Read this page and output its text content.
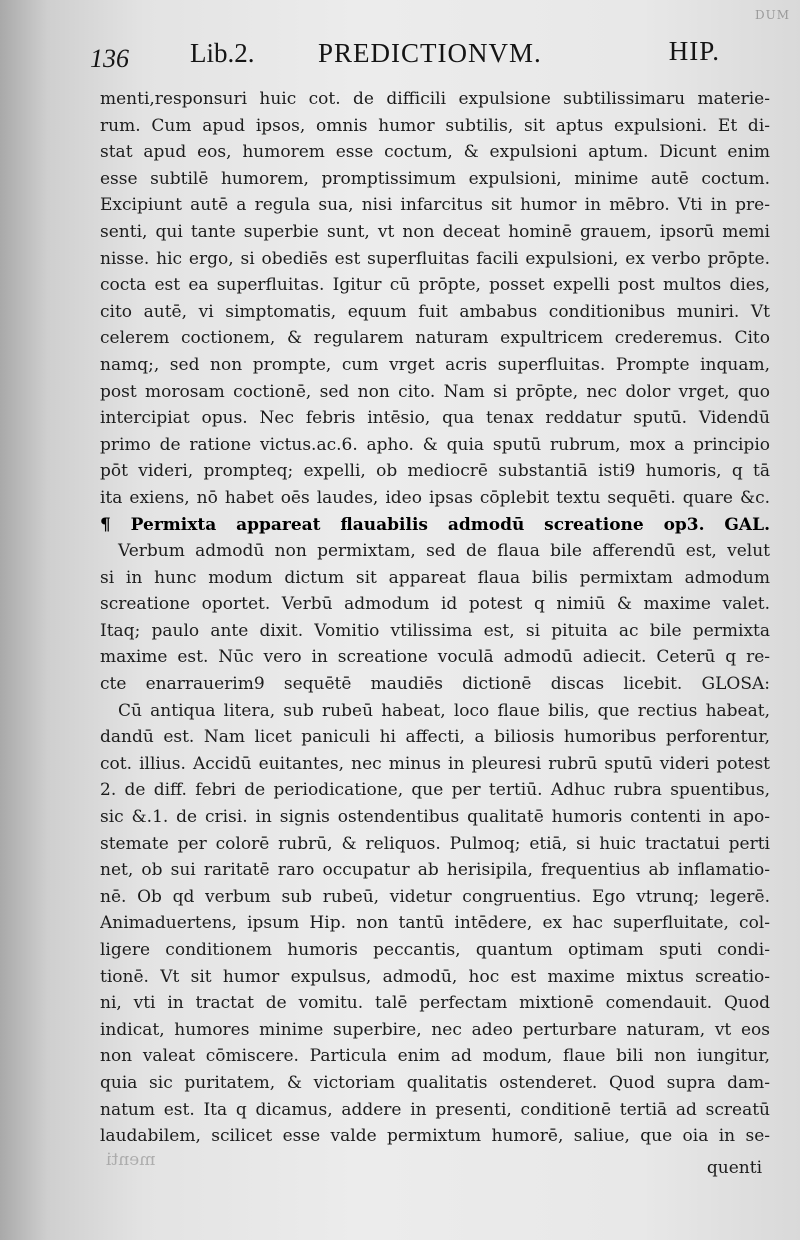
DUM
136 Lib.2. PREDICTIONVM.	HIP.
menti,responsuri huic cot. de difficili expulsione subtilissimaru materie-
rum. Cum apud ipsos, omnis humor subtilis, sit aptus expulsioni. Et di-
stat apud eos, humorem esse coctum, & expulsioni aptum. Dicunt enim
esse subtilē humorem, promptissimum expulsioni, minime autē coctum.
Excipiunt autē a regula sua, nisi infarcitus sit humor in mēbro. Vti in pre-
senti, qui tante superbie sunt, vt non deceat hominē grauem, ipsorū memi
nisse. hic ergo, si obediēs est superfluitas facili expulsioni, ex verbo prōpte.
cocta est ea superfluitas. Igitur cū prōpte, posset expelli post multos dies,
cito autē, vi simptomatis, equum fuit ambabus conditionibus muniri. Vt
celerem coctionem, & regularem naturam expultricem crederemus. Cito
namq;, sed non prompte, cum vrget acris superfluitas. Prompte inquam,
post morosam coctionē, sed non cito. Nam si prōpte, nec dolor vrget, quo
intercipiat opus. Nec febris intēsio, qua tenax reddatur sputū. Videndū
primo de ratione victus.ac.6. apho. & quia sputū rubrum, mox a principio
pōt videri, prompteq; expelli, ob mediocrē substantiā isti9 humoris, q tā
ita exiens, nō habet oēs laudes, ideo ipsas cōplebit textu sequēti. quare &c.
¶ Permixta appareat flauabilis admodū screatione op3. GAL.
Verbum admodū non permixtam, sed de flaua bile afferendū est, velut
si in hunc modum dictum sit appareat flaua bilis permixtam admodum
screatione oportet. Verbū admodum id potest q nimiū & maxime valet.
Itaq; paulo ante dixit. Vomitio vtilissima est, si pituita ac bile permixta
maxime est. Nūc vero in screatione voculā admodū adiecit. Ceterū q re-
cte enarrauerim9 sequētē maudiēs dictionē discas licebit. GLOSA:
Cū antiqua litera, sub rubeū habeat, loco flaue bilis, que rectius habeat,
dandū est. Nam licet paniculi hi affecti, a biliosis humoribus perforentur,
cot. illius. Accidū euitantes, nec minus in pleuresi rubrū sputū videri potest
2. de diff. febri de periodicatione, que per tertiū. Adhuc rubra spuentibus,
sic &.1. de crisi. in signis ostendentibus qualitatē humoris contenti in apo-
stemate per colorē rubrū, & reliquos. Pulmoq; etiā, si huic tractatui perti
net, ob sui raritatē raro occupatur ab herisipila, frequentius ab inflamatio-
nē. Ob qd verbum sub rubeū, videtur congruentius. Ego vtrunq; legerē.
Animaduertens, ipsum Hip. non tantū intēdere, ex hac superfluitate, col-
ligere conditionem humoris peccantis, quantum optimam sputi condi-
tionē. Vt sit humor expulsus, admodū, hoc est maxime mixtus screatio-
ni, vti in tractat de vomitu. talē perfectam mixtionē comendauit. Quod
indicat, humores minime superbire, nec adeo perturbare naturam, vt eos
non valeat cōmiscere. Particula enim ad modum, flaue bili non iungitur,
quia sic puritatem, & victoriam qualitatis ostenderet. Quod supra dam-
natum est. Ita q dicamus, addere in presenti, conditionē tertiā ad screatū
laudabilem, scilicet esse valde permixtum humorē, saliue, que oia in se-
menti	quenti
